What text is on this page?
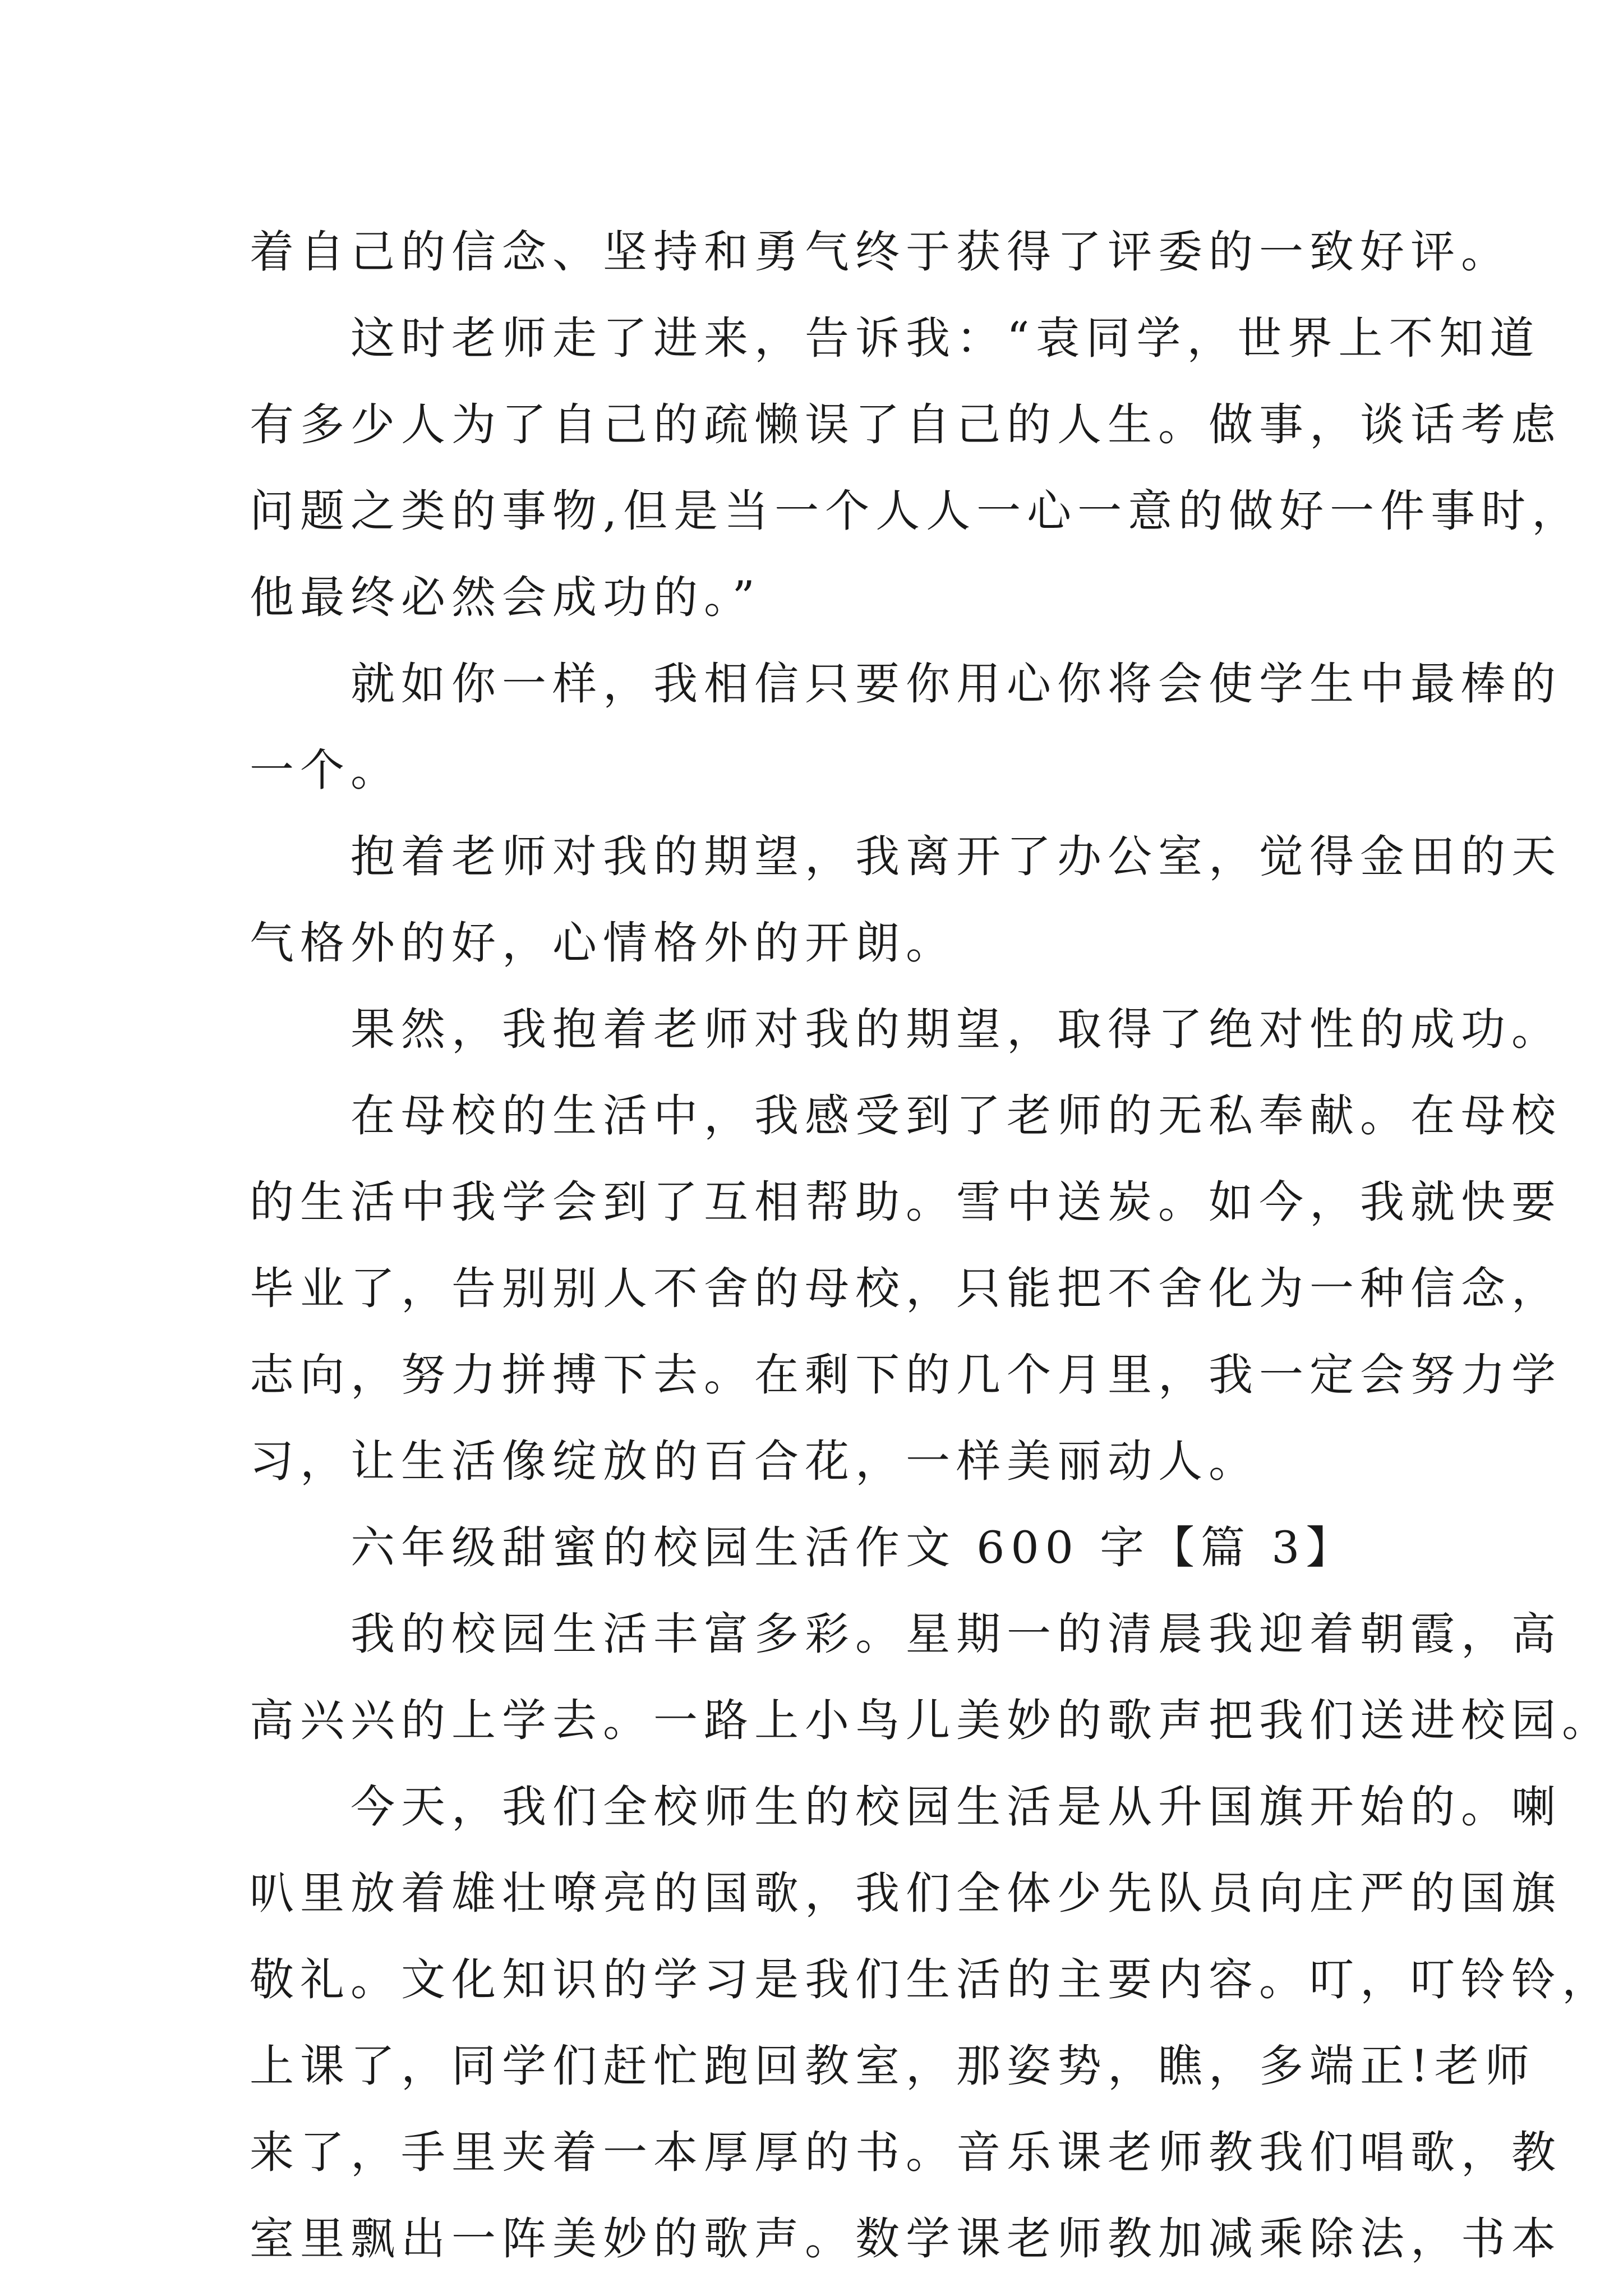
着自己的信念、坚持和勇气终于获得了评委的一致好评。
　　这时老师走了进来，告诉我：“袁同学，世界上不知道
有多少人为了自己的疏懒误了自己的人生。做事，谈话考虑
问题之类的事物,但是当一个人人一心一意的做好一件事时，
他最终必然会成功的。”
　　就如你一样，我相信只要你用心你将会使学生中最棒的
一个。
　　抱着老师对我的期望，我离开了办公室，觉得金田的天
气格外的好，心情格外的开朗。
　　果然，我抱着老师对我的期望，取得了绝对性的成功。
　　在母校的生活中，我感受到了老师的无私奉献。在母校
的生活中我学会到了互相帮助。雪中送炭。如今，我就快要
毕业了，告别别人不舍的母校，只能把不舍化为一种信念，
志向，努力拼搏下去。在剩下的几个月里，我一定会努力学
习，让生活像绽放的百合花，一样美丽动人。
　　六年级甜蜜的校园生活作文 600 字【篇 3】
　　我的校园生活丰富多彩。星期一的清晨我迎着朝霞，高
高兴兴的上学去。一路上小鸟儿美妙的歌声把我们送进校园。
　　今天，我们全校师生的校园生活是从升国旗开始的。喇
叭里放着雄壮嘹亮的国歌，我们全体少先队员向庄严的国旗
敬礼。文化知识的学习是我们生活的主要内容。叮，叮铃铃，
上课了，同学们赶忙跑回教室，那姿势，瞧，多端正!老师
来了，手里夹着一本厚厚的书。音乐课老师教我们唱歌，教
室里飘出一阵美妙的歌声。数学课老师教加减乘除法，书本
